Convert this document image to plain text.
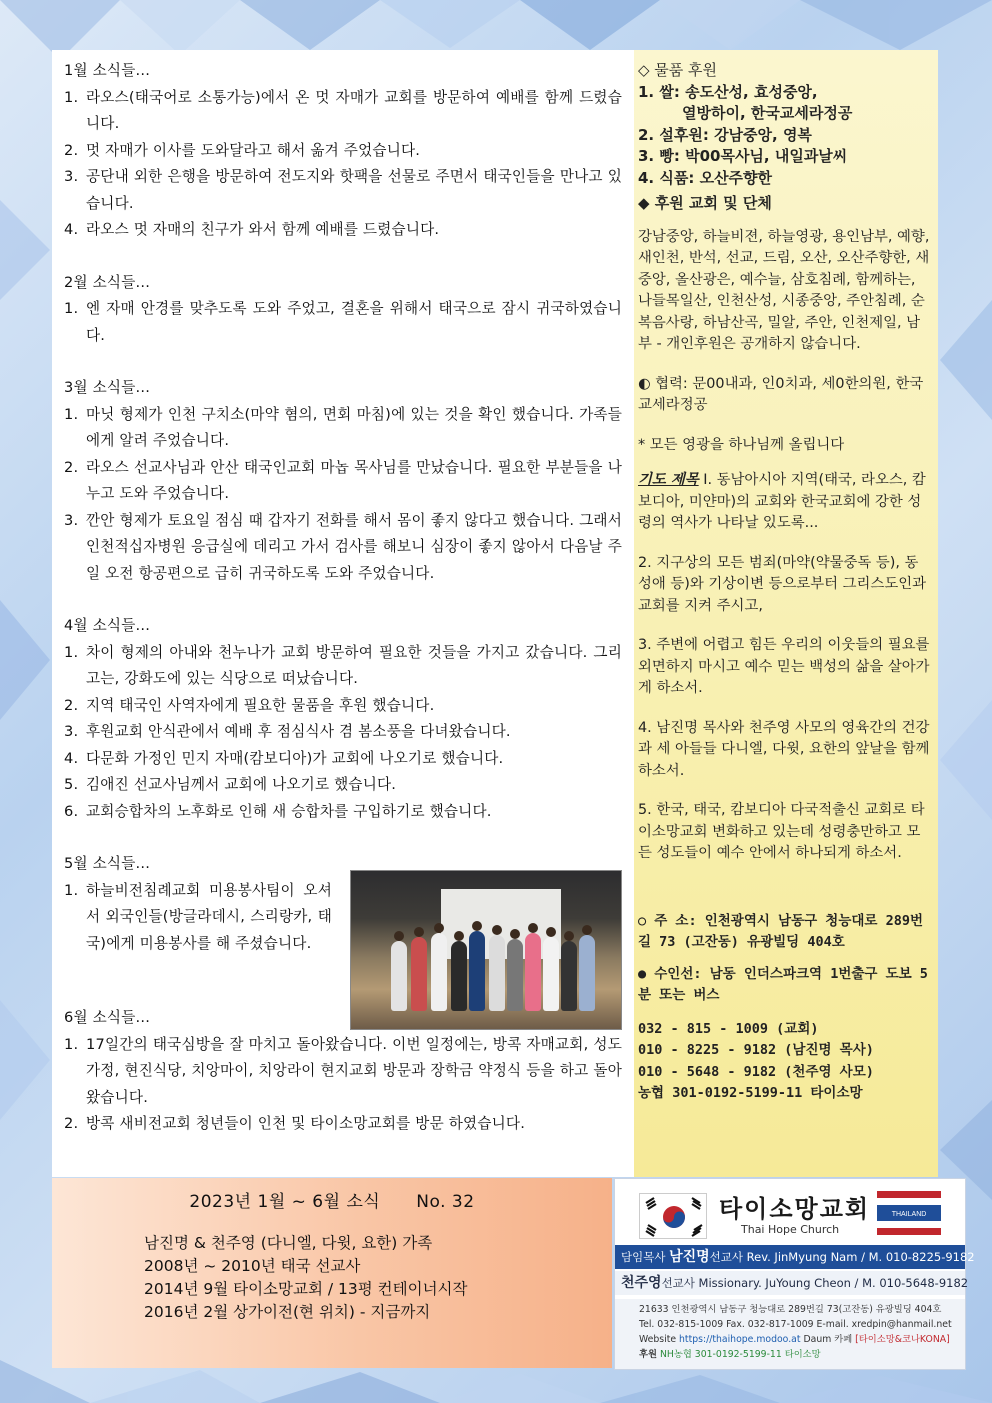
1월 소식들...
1. 라오스(태국어로 소통가능)에서 온 멋 자매가 교회를 방문하여 예배를 함께 드렸습니다.
2. 멋 자매가 이사를 도와달라고 해서 옮겨 주었습니다.
3. 공단내 외한 은행을 방문하여 전도지와 핫팩을 선물로 주면서 태국인들을 만나고 있습니다.
4. 라오스 멋 자매의 친구가 와서 함께 예배를 드렸습니다.
2월 소식들...
1. 엔 자매 안경를 맞추도록 도와 주었고, 결혼을 위해서 태국으로 잠시 귀국하였습니다.
3월 소식들...
1. 마닛 형제가 인천 구치소(마약 혐의, 면회 마침)에 있는 것을 확인 했습니다. 가족들에게 알려 주었습니다.
2. 라오스 선교사님과 안산 태국인교회 마놉 목사님를 만났습니다. 필요한 부분들을 나누고 도와 주었습니다.
3. 깐안 형제가 토요일 점심 때 갑자기 전화를 해서 몸이 좋지 않다고 했습니다. 그래서 인천적십자병원 응급실에 데리고 가서 검사를 해보니 심장이 좋지 않아서 다음날 주일 오전 항공편으로 급히 귀국하도록 도와 주었습니다.
4월 소식들...
1. 차이 형제의 아내와 천누나가 교회 방문하여 필요한 것들을 가지고 갔습니다. 그리고는, 강화도에 있는 식당으로 떠났습니다.
2. 지역 태국인 사역자에게 필요한 물품을 후원 했습니다.
3. 후원교회 안식관에서 예배 후 점심식사 겸 봄소풍을 다녀왔습니다.
4. 다문화 가정인 민지 자매(캄보디아)가 교회에 나오기로 했습니다.
5. 김애진 선교사님께서 교회에 나오기로 했습니다.
6. 교회승합차의 노후화로 인해 새 승합차를 구입하기로 했습니다.
5월 소식들...
1. 하늘비전침례교회 미용봉사팀이 오셔서 외국인들(방글라데시, 스리랑카, 태국)에게 미용봉사를 해 주셨습니다.
6월 소식들...
1. 17일간의 태국심방을 잘 마치고 돌아왔습니다. 이번 일정에는, 방콕 자매교회, 성도가정, 현진식당, 치앙마이, 치앙라이 현지교회 방문과 장학금 약정식 등을 하고 돌아왔습니다.
2. 방콕 새비전교회 청년들이 인천 및 타이소망교회를 방문 하였습니다.
◇ 물품 후원
1. 쌀: 송도산성, 효성중앙,
열방하이, 한국교세라정공
2. 설후원: 강남중앙, 영복
3. 빵: 박00목사님, 내일과날씨
4. 식품: 오산주향한
◆ 후원 교회 및 단체
강남중앙, 하늘비젼, 하늘영광, 용인남부, 예향, 새인천, 반석, 선교, 드림, 오산, 오산주향한, 새중앙, 올산광은, 예수늘, 삼호침례, 함께하는, 나들목일산, 인천산성, 시종중앙, 주안침례, 순복음사랑, 하남산곡, 밀알, 주안, 인천제일, 남부 - 개인후원은 공개하지 않습니다.
◐ 협력: 문00내과, 인0치과, 세0한의원, 한국교세라정공
* 모든 영광을 하나님께 올립니다
기도 제목 I. 동남아시아 지역(태국, 라오스, 캄보디아, 미얀마)의 교회와 한국교회에 강한 성령의 역사가 나타날 있도록...
2. 지구상의 모든 범죄(마약(약물중독 등), 동성애 등)와 기상이변 등으로부터 그리스도인과 교회를 지켜 주시고,
3. 주변에 어렵고 힘든 우리의 이웃들의 필요를 외면하지 마시고 예수 믿는 백성의 삶을 살아가게 하소서.
4. 남진명 목사와 천주영 사모의 영육간의 건강과 세 아들들 다니엘, 다윗, 요한의 앞날을 함께 하소서.
5. 한국, 태국, 캄보디아 다국적출신 교회로 타이소망교회 변화하고 있는데 성령충만하고 모든 성도들이 예수 안에서 하나되게 하소서.
○ 주 소: 인천광역시 남동구 청능대로 289번길 73 (고잔동) 유광빌딩 404호
● 수인선: 남동 인더스파크역 1번출구 도보 5분 또는 버스
032 - 815 - 1009 (교회)
010 - 8225 - 9182 (남진명 목사)
010 - 5648 - 9182 (천주영 사모)
농협 301-0192-5199-11 타이소망
2023년 1월 ~ 6월 소식 No. 32
남진명 & 천주영 (다니엘, 다윗, 요한) 가족
2008년 ~ 2010년 태국 선교사
2014년 9월 타이소망교회 / 13평 컨테이너시작
2016년 2월 상가이전(현 위치) - 지금까지
타이소망교회
Thai Hope Church
THAILAND
담임목사 남진명선교사 Rev. JinMyung Nam / M. 010-8225-9182
천주영선교사 Missionary. JuYoung Cheon / M. 010-5648-9182
21633 인천광역시 남동구 청능대로 289번길 73(고잔동) 유광빌딩 404호
Tel. 032-815-1009 Fax. 032-817-1009 E-mail. xredpin@hanmail.net
Website https://thaihope.modoo.at Daum 카페 [타이소망&코나KONA]
후원 NH농협 301-0192-5199-11 타이소망
